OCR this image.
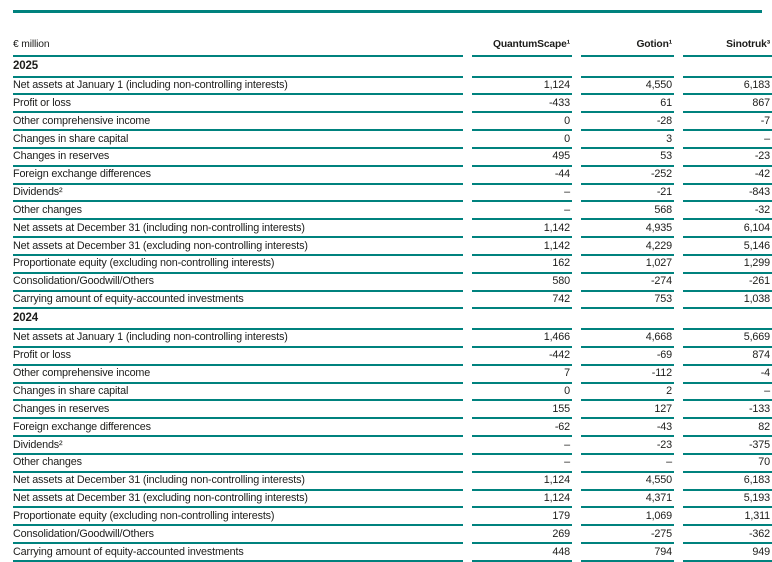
€ million	QuantumScape¹	Gotion¹	Sinotruk³
2025
Net assets at January 1 (including non-controlling interests)	1,124	4,550	6,183
Profit or loss	-433	61	867
Other comprehensive income	0	-28	-7
Changes in share capital	0	3	–
Changes in reserves	495	53	-23
Foreign exchange differences	-44	-252	-42
Dividends²	–	-21	-843
Other changes	–	568	-32
Net assets at December 31 (including non-controlling interests)	1,142	4,935	6,104
Net assets at December 31 (excluding non-controlling interests)	1,142	4,229	5,146
Proportionate equity (excluding non-controlling interests)	162	1,027	1,299
Consolidation/Goodwill/Others	580	-274	-261
Carrying amount of equity-accounted investments	742	753	1,038
2024
Net assets at January 1 (including non-controlling interests)	1,466	4,668	5,669
Profit or loss	-442	-69	874
Other comprehensive income	7	-112	-4
Changes in share capital	0	2	–
Changes in reserves	155	127	-133
Foreign exchange differences	-62	-43	82
Dividends²	–	-23	-375
Other changes	–	–	70
Net assets at December 31 (including non-controlling interests)	1,124	4,550	6,183
Net assets at December 31 (excluding non-controlling interests)	1,124	4,371	5,193
Proportionate equity (excluding non-controlling interests)	179	1,069	1,311
Consolidation/Goodwill/Others	269	-275	-362
Carrying amount of equity-accounted investments	448	794	949
